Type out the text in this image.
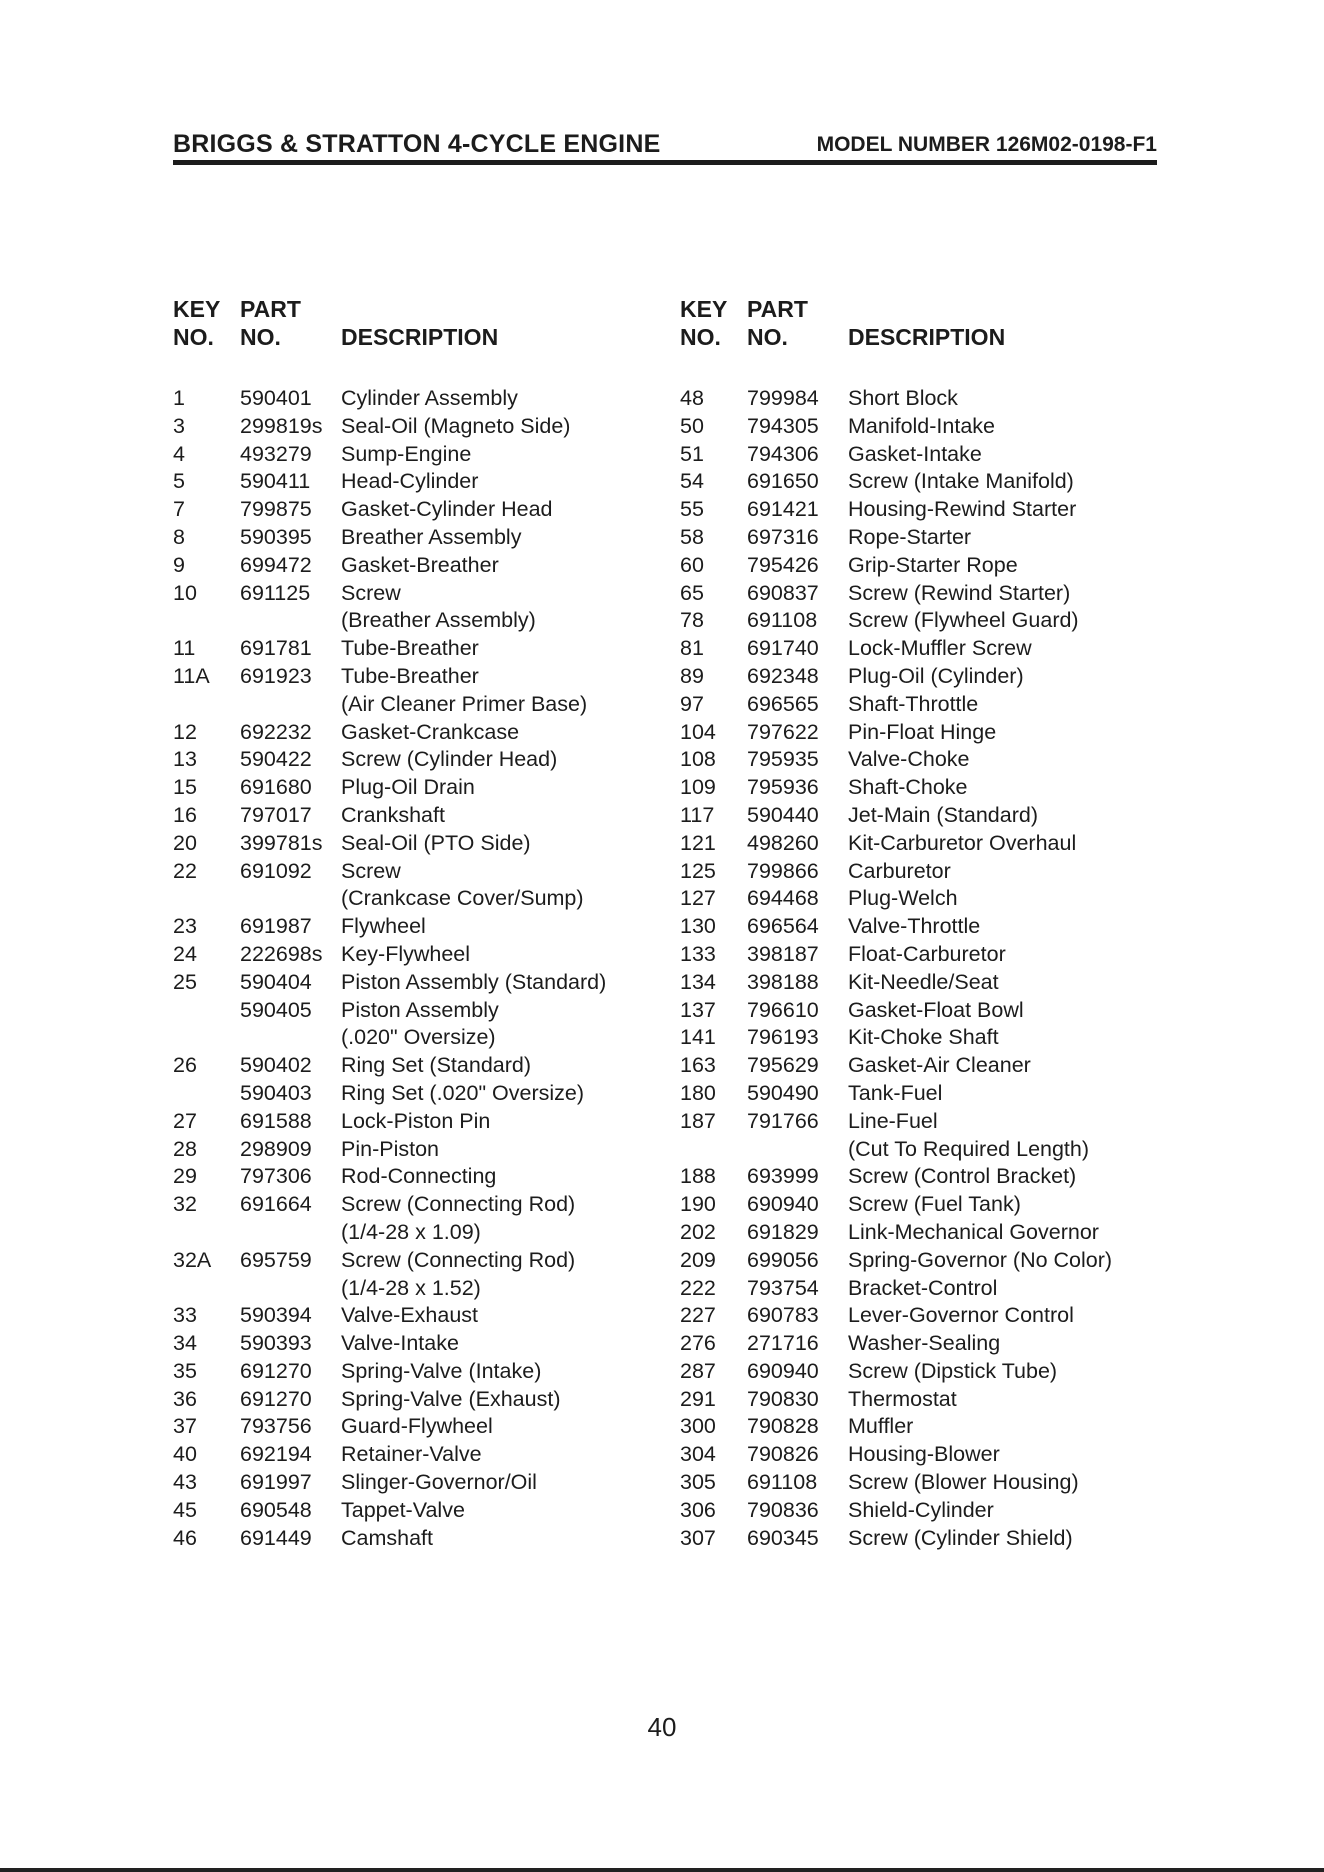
BRIGGS & STRATTON 4-CYCLE ENGINE	MODEL NUMBER 126M02-0198-F1
KEY
NO.
PART
NO.	DESCRIPTION
1	590401 Cylinder Assembly
3	299819s Seal-Oil (Magneto Side)
4	493279 Sump-Engine
5	590411 Head-Cylinder
7	799875 Gasket-Cylinder Head
8	590395 Breather Assembly
9	699472 Gasket-Breather
10 691125 Screw
(Breather Assembly)
11 691781 Tube-Breather
11A 691923 Tube-Breather
(Air Cleaner Primer Base)
12 692232 Gasket-Crankcase
13 590422 Screw (Cylinder Head)
15 691680 Plug-Oil Drain
16 797017 Crankshaft
20 399781s Seal-Oil (PTO Side)
22 691092 Screw
(Crankcase Cover/Sump)
23 691987 Flywheel
24 222698s Key-Flywheel
25 590404 Piston Assembly (Standard)
590405 Piston Assembly
(.020" Oversize)
26 590402 Ring Set (Standard)
590403 Ring Set (.020" Oversize)
27 691588 Lock-Piston Pin
28 298909 Pin-Piston
29 797306 Rod-Connecting
32 691664 Screw (Connecting Rod)
(1/4-28 x 1.09)
32A 695759 Screw (Connecting Rod)
(1/4-28 x 1.52)
33 590394 Valve-Exhaust
34 590393 Valve-Intake
35 691270 Spring-Valve (Intake)
36 691270 Spring-Valve (Exhaust)
37 793756 Guard-Flywheel
40 692194 Retainer-Valve
43 691997 Slinger-Governor/Oil
45 690548 Tappet-Valve
46 691449 Camshaft
KEY
NO.
PART
NO.	DESCRIPTION
48 799984 Short Block
50 794305 Manifold-Intake
51 794306 Gasket-Intake
54 691650 Screw (Intake Manifold)
55 691421 Housing-Rewind Starter
58 697316 Rope-Starter
60 795426 Grip-Starter Rope
65 690837 Screw (Rewind Starter)
78 691108 Screw (Flywheel Guard)
81 691740 Lock-Muffler Screw
89 692348 Plug-Oil (Cylinder)
97 696565 Shaft-Throttle
104 797622 Pin-Float Hinge
108 795935 Valve-Choke
109 795936 Shaft-Choke
117 590440 Jet-Main (Standard)
121 498260 Kit-Carburetor Overhaul
125 799866 Carburetor
127 694468 Plug-Welch
130 696564 Valve-Throttle
133 398187 Float-Carburetor
134 398188 Kit-Needle/Seat
137 796610 Gasket-Float Bowl
141 796193 Kit-Choke Shaft
163 795629 Gasket-Air Cleaner
180 590490 Tank-Fuel
187 791766 Line-Fuel
(Cut To Required Length)
188 693999 Screw (Control Bracket)
190 690940 Screw (Fuel Tank)
202 691829 Link-Mechanical Governor
209 699056 Spring-Governor (No Color)
222 793754 Bracket-Control
227 690783 Lever-Governor Control
276 271716 Washer-Sealing
287 690940 Screw (Dipstick Tube)
291 790830 Thermostat
300 790828 Muffler
304 790826 Housing-Blower
305 691108 Screw (Blower Housing)
306 790836 Shield-Cylinder
307 690345 Screw (Cylinder Shield)
40
